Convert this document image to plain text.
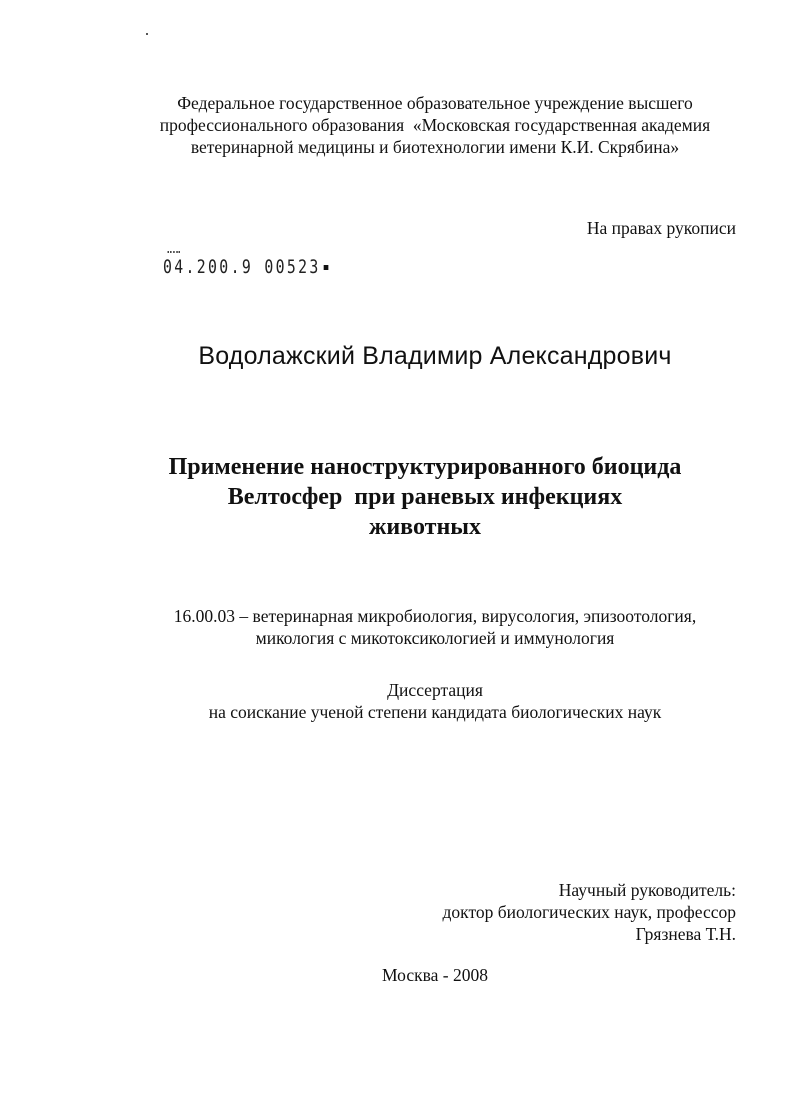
Федеральное государственное образовательное учреждение высшего
профессионального образования  «Московская государственная академия
ветеринарной медицины и биотехнологии имени К.И. Скрябина»
На правах рукописи
04.200.9 00523
Водолажский Владимир Александрович
Применение наноструктурированного биоцида
Велтосфер  при раневых инфекциях
животных
16.00.03 – ветеринарная микробиология, вирусология, эпизоотология,
микология с микотоксикологией и иммунология
Диссертация
на соискание ученой степени кандидата биологических наук
Научный руководитель:
доктор биологических наук, профессор
Грязнева Т.Н.
Москва - 2008
